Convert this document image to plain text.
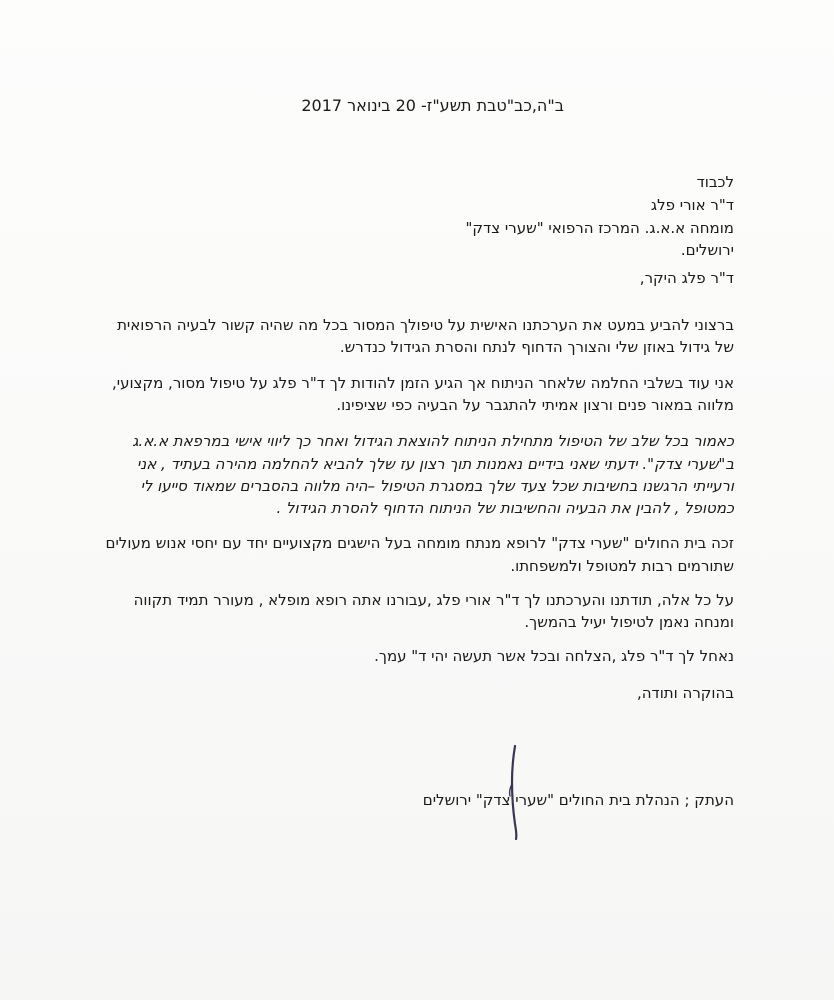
ב"ה,כב"טבת תשע"ז- 20 בינואר 2017
לכבוד
ד"ר אורי פלג
מומחה א.א.ג. המרכז הרפואי "שערי צדק"
ירושלים.
ד"ר פלג היקר,
ברצוני להביע במעט את הערכתנו האישית על טיפולך המסור בכל מה שהיה קשור לבעיה הרפואית
של גידול באוזן שלי והצורך הדחוף לנתח והסרת הגידול כנדרש.
אני עוד בשלבי החלמה שלאחר הניתוח אך הגיע הזמן להודות לך ד"ר פלג על טיפול מסור, מקצועי,
מלווה במאור פנים ורצון אמיתי להתגבר על הבעיה כפי שציפינו.
כאמור בכל שלב של הטיפול מתחילת הניתוח להוצאת הגידול ואחר כך ליווי אישי במרפאת א.א.ג
ב"שערי צדק". ידעתי שאני בידיים נאמנות תוך רצון עז שלך להביא להחלמה מהירה בעתיד , אני
ורעייתי הרגשנו בחשיבות שכל צעד שלך במסגרת הטיפול –היה מלווה בהסברים שמאוד סייעו לי
כמטופל , להבין את הבעיה והחשיבות של הניתוח הדחוף להסרת הגידול .
זכה בית החולים "שערי צדק" לרופא מנתח מומחה בעל הישגים מקצועיים יחד עם יחסי אנוש מעולים
שתורמים רבות למטופל ולמשפחתו.
על כל אלה, תודתנו והערכתנו לך ד"ר אורי פלג ,עבורנו אתה רופא מופלא , מעורר תמיד תקווה
ומנחה נאמן לטיפול יעיל בהמשך.
נאחל לך ד"ר פלג ,הצלחה ובכל אשר תעשה יהי ד" עמך.
בהוקרה ותודה,
העתק ; הנהלת בית החולים "שערי צדק" ירושלים
